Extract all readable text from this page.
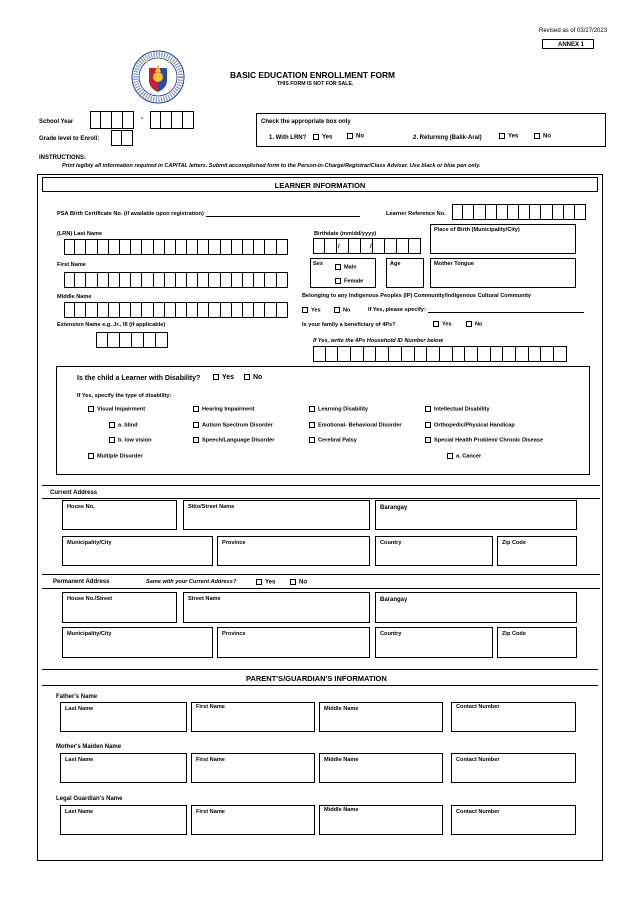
Revised as of 03/27/2023
ANNEX 1
BASIC EDUCATION ENROLLMENT FORM
THIS FORM IS NOT FOR SALE.
School Year	-
Grade level to Enroll:
Check the appropriate box only
1. With LRN?	Yes	No	2. Returning (Balik-Aral)	Yes	No
INSTRUCTIONS:
Print legibly all information required in CAPITAL letters. Submit accomplished form to the Person-in-Charge/Registrar/Class Adviser. Use black or blue pen only.
LEARNER INFORMATION
PSA Birth Certificate No. (if available upon registration)	Learner Reference No.
(LRN) Last Name	Birthdate (mm/dd/yyyy)
/	/
Place of Birth (Municipality/City)
First Name	Sex
Male
Female
Age	Mother Tongue
Middle Name	Belonging to any Indigenous Peoples (IP) Community/Indigenous Cultural Community
Yes	No	If Yes, please specify:
Extension Name e.g. Jr., III (if applicable)	Is your family a beneficiary of 4Ps?	Yes	No
If Yes, write the 4Ps Household ID Number below
Is the child a Learner with Disability?	Yes	No
If Yes, specify the type of disability:
Visual Impairment
a. blind
b. low vision
Multiple Disorder
Hearing Impairment
Autism Spectrum Disorder
Speech/Language Disorder
Learning Disability
Emotional- Behavioral Disorder
Cerebral Palsy
Intellectual Disability
Orthopedic/Physical Handicap
Special Health Problem/ Chronic Disease
a. Cancer
Current Address
House No.	Sitio/Street Name	Barangay
Municipality/City	Province	Country	Zip Code
Permanent Address	Same with your Current Address?	Yes	No
House No./Street	Street Name	Barangay
Municipality/City	Province	Country	Zip Code
PARENT'S/GUARDIAN'S INFORMATION
Father's Name
Last Name	First Name	Middle Name	Contact Number
Mother's Maiden Name
Last Name	First Name	Middle Name	Contact Number
Legal Guardian's Name
Last Name	First Name	Middle Name	Contact Number
